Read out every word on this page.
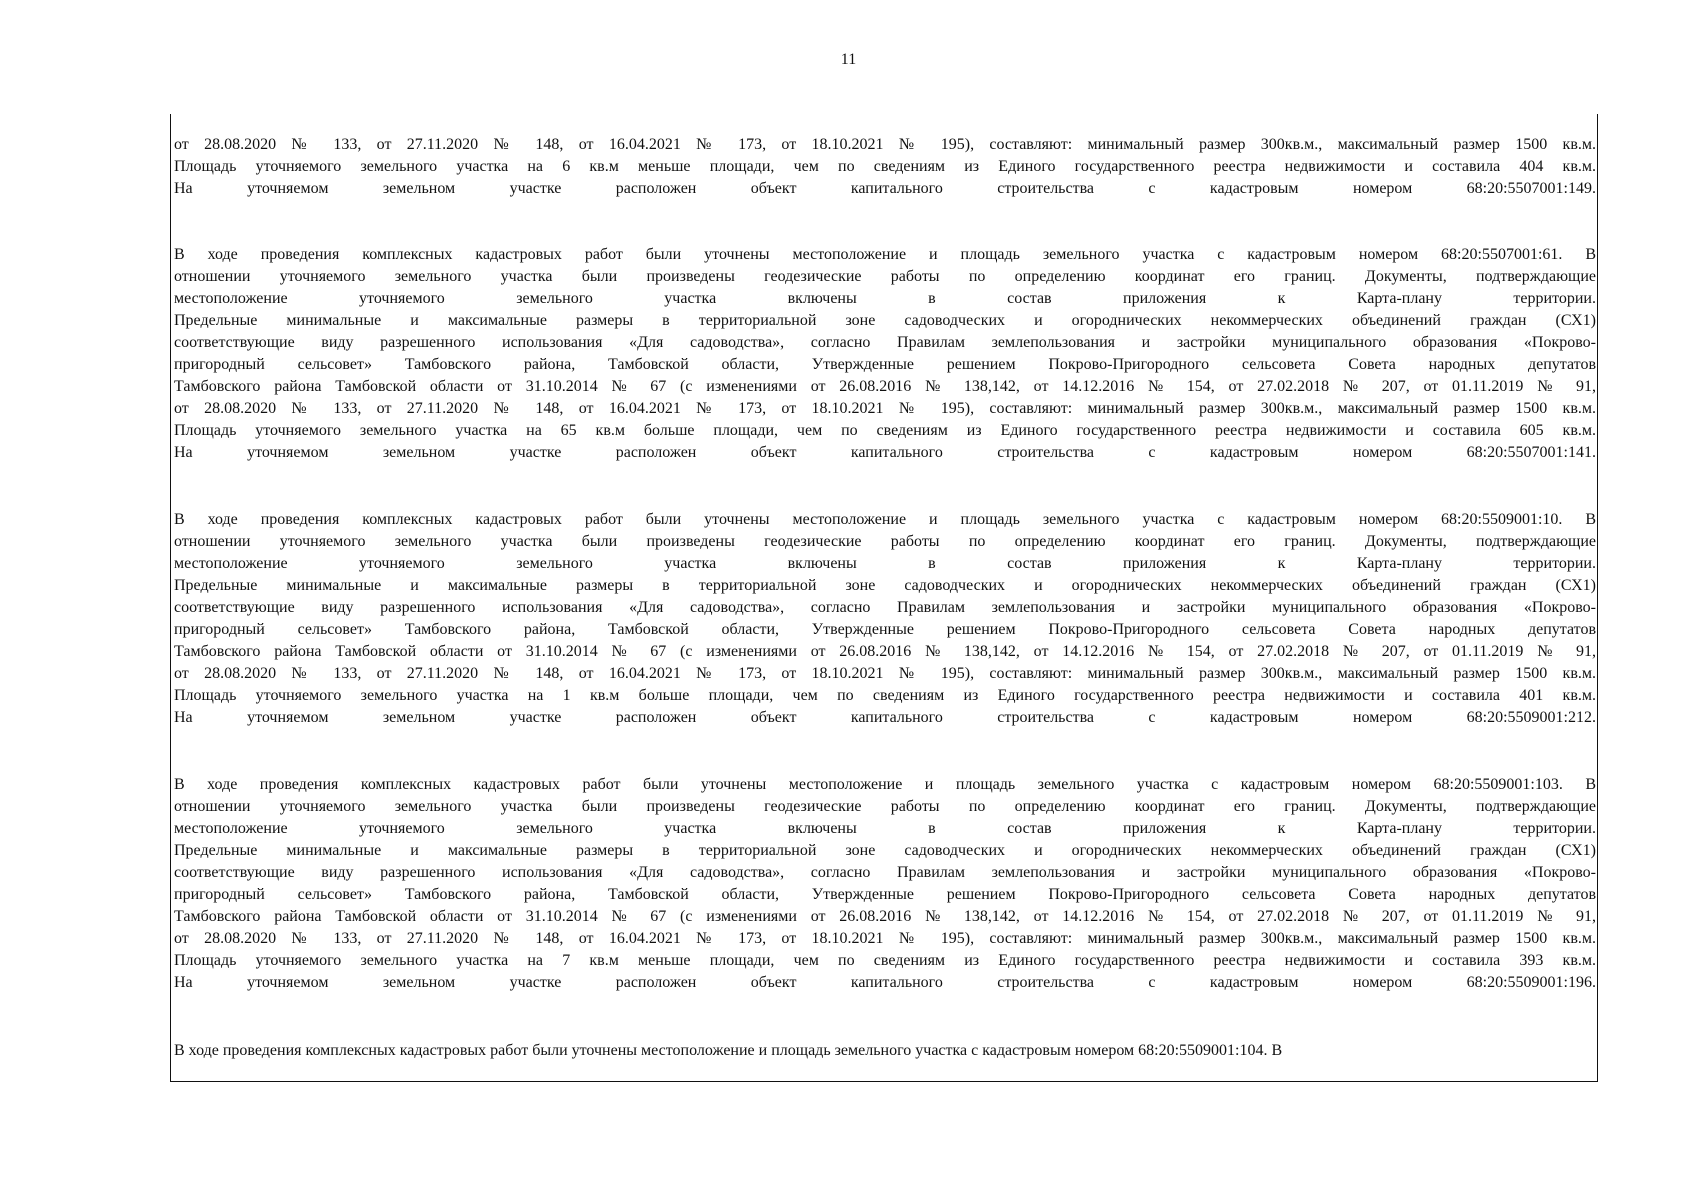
11
от 28.08.2020 № 133, от 27.11.2020 № 148, от 16.04.2021 № 173, от 18.10.2021 № 195), составляют: минимальный размер 300кв.м., максимальный размер 1500 кв.м.
Площадь уточняемого земельного участка на 6 кв.м меньше площади, чем по сведениям из Единого государственного реестра недвижимости и составила 404 кв.м.
На уточняемом земельном участке расположен объект капитального строительства с кадастровым номером 68:20:5507001:149.
В ходе проведения комплексных кадастровых работ были уточнены местоположение и площадь земельного участка с кадастровым номером 68:20:5507001:61. В
отношении уточняемого земельного участка были произведены геодезические работы по определению координат его границ. Документы, подтверждающие
местоположение уточняемого земельного участка включены в состав приложения к Карта-плану территории.
Предельные минимальные и максимальные размеры в территориальной зоне садоводческих и огороднических некоммерческих объединений граждан (СХ1)
соответствующие виду разрешенного использования «Для садоводства», согласно Правилам землепользования и застройки муниципального образования «Покрово-
пригородный сельсовет» Тамбовского района, Тамбовской области, Утвержденные решением Покрово-Пригородного сельсовета Совета народных депутатов
Тамбовского района Тамбовской области от 31.10.2014 № 67 (с изменениями от 26.08.2016 № 138,142, от 14.12.2016 № 154, от 27.02.2018 № 207, от 01.11.2019 № 91,
от 28.08.2020 № 133, от 27.11.2020 № 148, от 16.04.2021 № 173, от 18.10.2021 № 195), составляют: минимальный размер 300кв.м., максимальный размер 1500 кв.м.
Площадь уточняемого земельного участка на 65 кв.м больше площади, чем по сведениям из Единого государственного реестра недвижимости и составила 605 кв.м.
На уточняемом земельном участке расположен объект капитального строительства с кадастровым номером 68:20:5507001:141.
В ходе проведения комплексных кадастровых работ были уточнены местоположение и площадь земельного участка с кадастровым номером 68:20:5509001:10. В
отношении уточняемого земельного участка были произведены геодезические работы по определению координат его границ. Документы, подтверждающие
местоположение уточняемого земельного участка включены в состав приложения к Карта-плану территории.
Предельные минимальные и максимальные размеры в территориальной зоне садоводческих и огороднических некоммерческих объединений граждан (СХ1)
соответствующие виду разрешенного использования «Для садоводства», согласно Правилам землепользования и застройки муниципального образования «Покрово-
пригородный сельсовет» Тамбовского района, Тамбовской области, Утвержденные решением Покрово-Пригородного сельсовета Совета народных депутатов
Тамбовского района Тамбовской области от 31.10.2014 № 67 (с изменениями от 26.08.2016 № 138,142, от 14.12.2016 № 154, от 27.02.2018 № 207, от 01.11.2019 № 91,
от 28.08.2020 № 133, от 27.11.2020 № 148, от 16.04.2021 № 173, от 18.10.2021 № 195), составляют: минимальный размер 300кв.м., максимальный размер 1500 кв.м.
Площадь уточняемого земельного участка на 1 кв.м больше площади, чем по сведениям из Единого государственного реестра недвижимости и составила 401 кв.м.
На уточняемом земельном участке расположен объект капитального строительства с кадастровым номером 68:20:5509001:212.
В ходе проведения комплексных кадастровых работ были уточнены местоположение и площадь земельного участка с кадастровым номером 68:20:5509001:103. В
отношении уточняемого земельного участка были произведены геодезические работы по определению координат его границ. Документы, подтверждающие
местоположение уточняемого земельного участка включены в состав приложения к Карта-плану территории.
Предельные минимальные и максимальные размеры в территориальной зоне садоводческих и огороднических некоммерческих объединений граждан (СХ1)
соответствующие виду разрешенного использования «Для садоводства», согласно Правилам землепользования и застройки муниципального образования «Покрово-
пригородный сельсовет» Тамбовского района, Тамбовской области, Утвержденные решением Покрово-Пригородного сельсовета Совета народных депутатов
Тамбовского района Тамбовской области от 31.10.2014 № 67 (с изменениями от 26.08.2016 № 138,142, от 14.12.2016 № 154, от 27.02.2018 № 207, от 01.11.2019 № 91,
от 28.08.2020 № 133, от 27.11.2020 № 148, от 16.04.2021 № 173, от 18.10.2021 № 195), составляют: минимальный размер 300кв.м., максимальный размер 1500 кв.м.
Площадь уточняемого земельного участка на 7 кв.м меньше площади, чем по сведениям из Единого государственного реестра недвижимости и составила 393 кв.м.
На уточняемом земельном участке расположен объект капитального строительства с кадастровым номером 68:20:5509001:196.
В ходе проведения комплексных кадастровых работ были уточнены местоположение и площадь земельного участка с кадастровым номером 68:20:5509001:104. В
